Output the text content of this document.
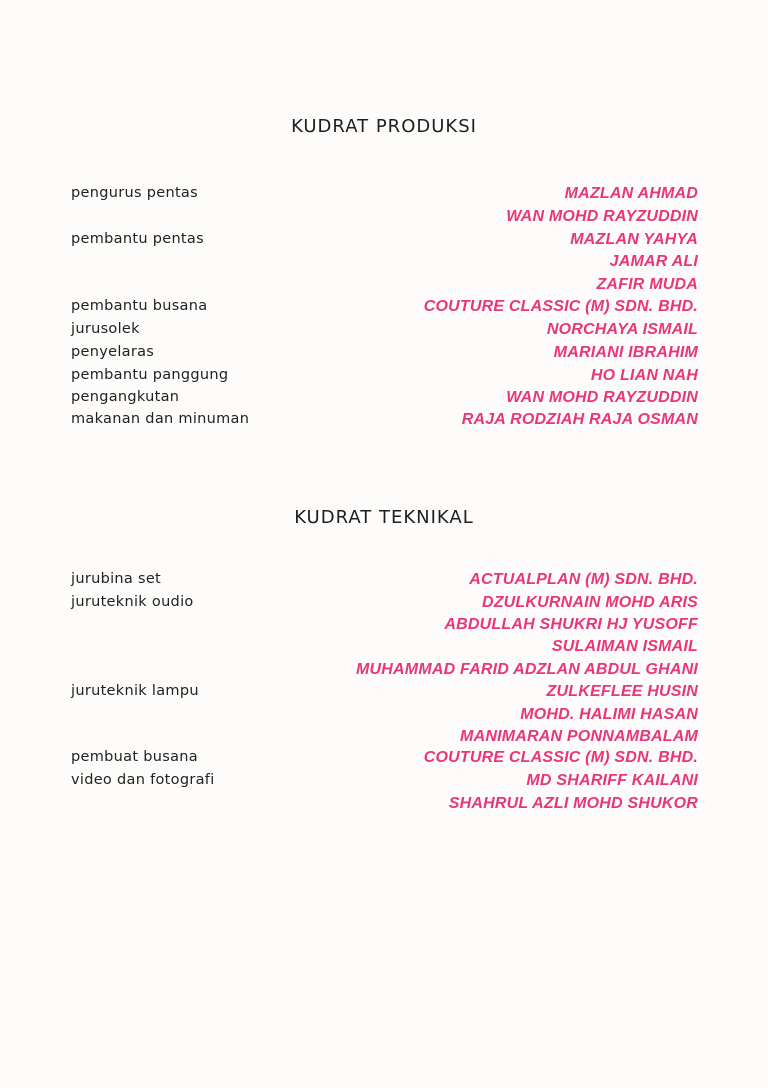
KUDRAT PRODUKSI
pengurus pentas	MAZLAN AHMAD
WAN MOHD RAYZUDDIN
pembantu pentas	MAZLAN YAHYA
JAMAR ALI
ZAFIR MUDA
pembantu busana	COUTURE CLASSIC (M) SDN. BHD.
jurusolek	NORCHAYA ISMAIL
penyelaras	MARIANI IBRAHIM
pembantu panggung	HO LIAN NAH
pengangkutan	WAN MOHD RAYZUDDIN
makanan dan minuman	RAJA RODZIAH RAJA OSMAN
KUDRAT TEKNIKAL
jurubina set	ACTUALPLAN (M) SDN. BHD.
juruteknik oudio	DZULKURNAIN MOHD ARIS
ABDULLAH SHUKRI HJ YUSOFF
SULAIMAN ISMAIL
MUHAMMAD FARID ADZLAN ABDUL GHANI
juruteknik lampu	ZULKEFLEE HUSIN
MOHD. HALIMI HASAN
MANIMARAN PONNAMBALAM
pembuat busana	COUTURE CLASSIC (M) SDN. BHD.
video dan fotografi	MD SHARIFF KAILANI
SHAHRUL AZLI MOHD SHUKOR
